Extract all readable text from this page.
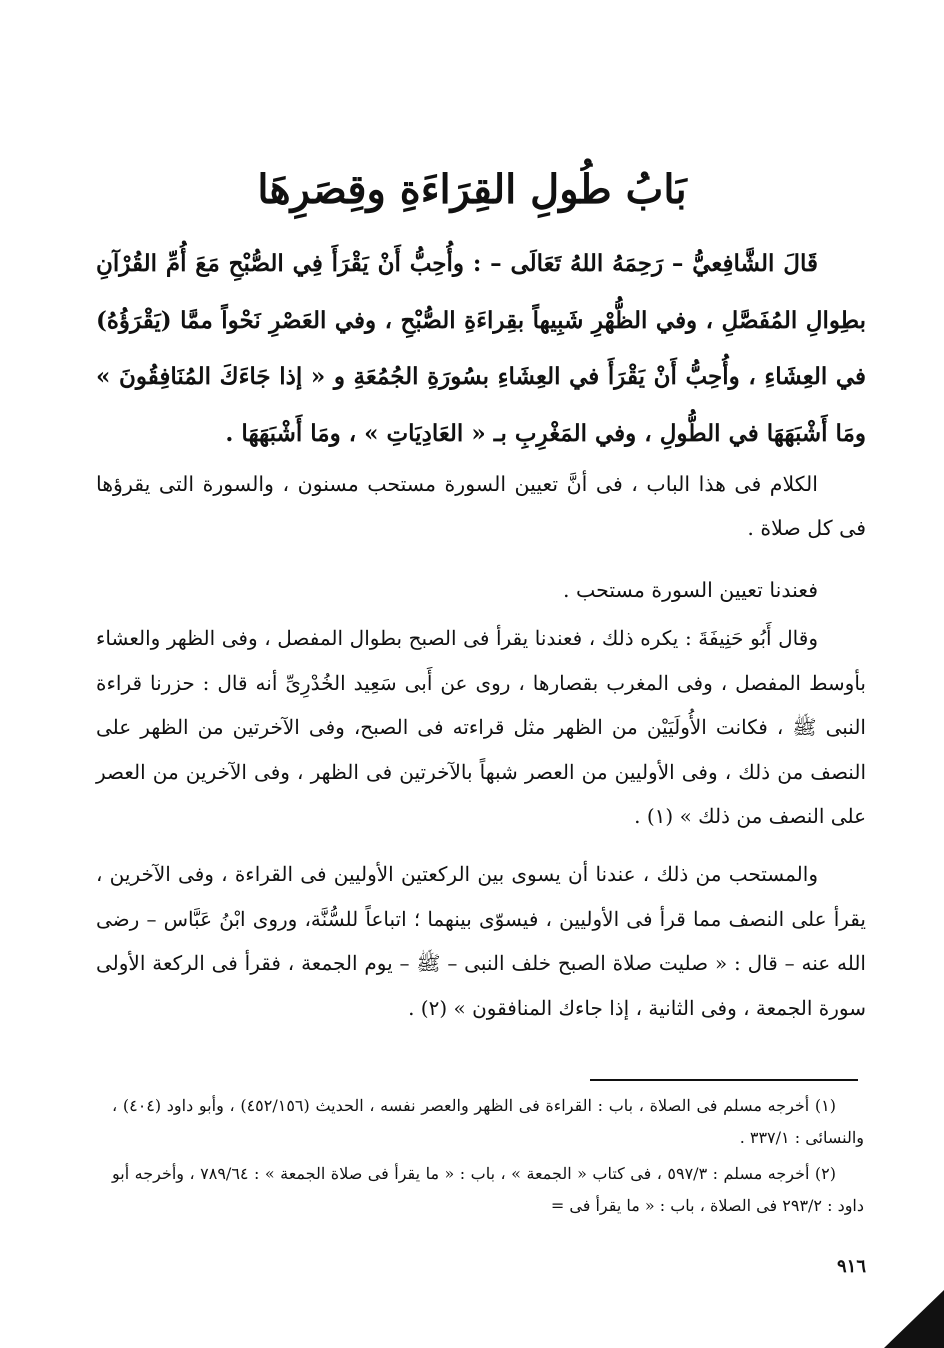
بَابُ طُولِ القِرَاءَةِ وقِصَرِهَا
قَالَ الشَّافِعيُّ – رَحِمَهُ اللهُ تَعَالَى – : وأُحِبُّ أَنْ يَقْرَأَ فِي الصُّبْحِ مَعَ أُمِّ القُرْآنِ بطِوالِ المُفَصَّلِ ، وفي الظُّهْرِ شَبِيهاً بقِراءَةِ الصُّبْحِ ، وفي العَصْرِ نَحْواً ممَّا (يَقْرَؤُهُ) في العِشَاءِ ، وأُحِبُّ أَنْ يَقْرَأَ في العِشَاءِ بسُورَةِ الجُمُعَةِ و « إذا جَاءَكَ المُنَافِقُونَ » ومَا أَشْبَهَهَا في الطُّولِ ، وفي المَغْرِبِ بـ « العَادِيَاتِ » ، ومَا أَشْبَهَهَا .
الكلام فى هذا الباب ، فى أنَّ تعيين السورة مستحب مسنون ، والسورة التى يقرؤها فى كل صلاة .
فعندنا تعيين السورة مستحب .
وقال أَبُو حَنِيفَةَ : يكره ذلك ، فعندنا يقرأ فى الصبح بطوال المفصل ، وفى الظهر والعشاء بأوسط المفصل ، وفى المغرب بقصارها ، روى عن أَبى سَعِيد الخُدْرِىِّ أنه قال : حزرنا قراءة النبى ﷺ ، فكانت الأُولَيَيْن من الظهر مثل قراءته فى الصبح، وفى الآخرتين من الظهر على النصف من ذلك ، وفى الأوليين من العصر شبهاً بالآخرتين فى الظهر ، وفى الآخرين من العصر على النصف من ذلك » (١) .
والمستحب من ذلك ، عندنا أن يسوى بين الركعتين الأوليين فى القراءة ، وفى الآخرين ، يقرأ على النصف مما قرأ فى الأوليين ، فيسوّى بينهما ؛ اتباعاً للسُّنَّة، وروى ابْنُ عَبَّاس – رضى الله عنه – قال : « صليت صلاة الصبح خلف النبى – ﷺ – يوم الجمعة ، فقرأ فى الركعة الأولى سورة الجمعة ، وفى الثانية ، إذا جاءك المنافقون » (٢) .
(١) أخرجه مسلم فى الصلاة ، باب : القراءة فى الظهر والعصر نفسه ، الحديث (٤٥٢/١٥٦) ، وأبو داود (٤٠٤) ، والنسائى : ٣٣٧/١ .
(٢) أخرجه مسلم : ٥٩٧/٣ ، فى كتاب « الجمعة » ، باب : « ما يقرأ فى صلاة الجمعة » : ٧٨٩/٦٤ ، وأخرجه أبو داود : ٢٩٣/٢ فى الصلاة ، باب : « ما يقرأ فى =
٩١٦
